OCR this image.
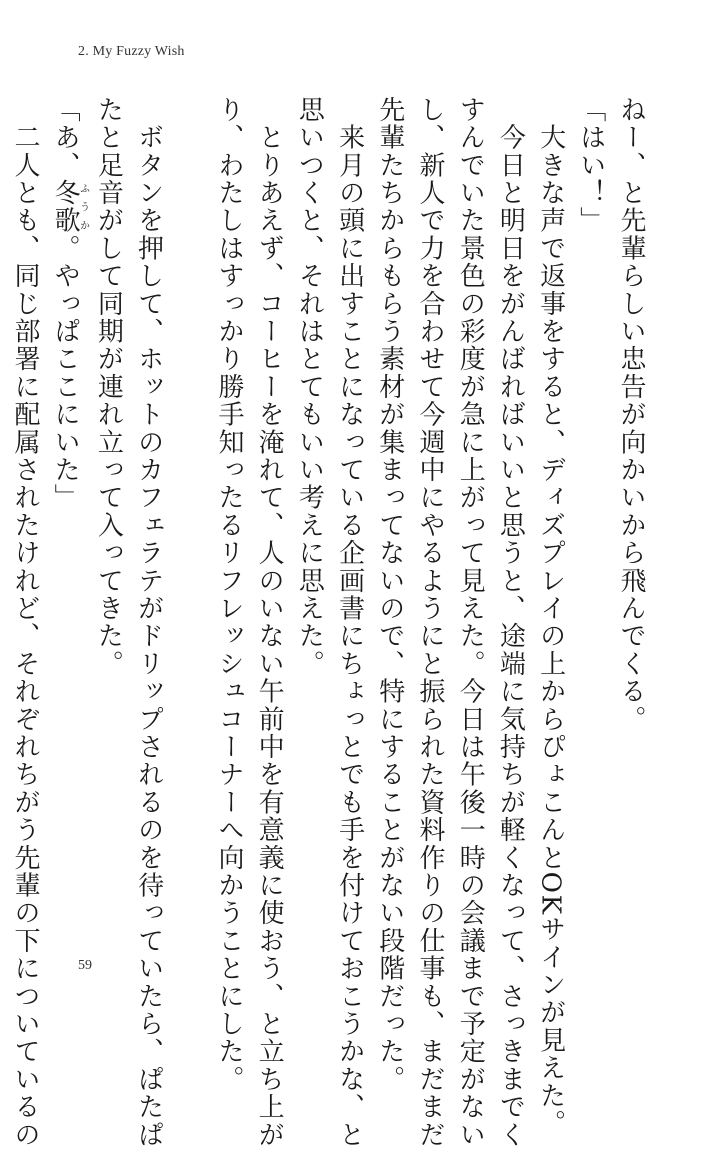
2. My Fuzzy Wish
ねー、と先輩らしい忠告が向かいから飛んでくる。
「はい！」
　大きな声で返事をすると、ディズプレイの上からぴょこんとOKサインが見えた。
　今日と明日をがんばればいいと思うと、途端に気持ちが軽くなって、さっきまでく
すんでいた景色の彩度が急に上がって見えた。今日は午後一時の会議まで予定がない
し、新人で力を合わせて今週中にやるようにと振られた資料作りの仕事も、まだまだ
先輩たちからもらう素材が集まってないので、特にすることがない段階だった。
　来月の頭に出すことになっている企画書にちょっとでも手を付けておこうかな、と
思いつくと、それはとてもいい考えに思えた。
　とりあえず、コーヒーを淹れて、人のいない午前中を有意義に使おう、と立ち上が
り、わたしはすっかり勝手知ったるリフレッシュコーナーへ向かうことにした。
　ボタンを押して、ホットのカフェラテがドリップされるのを待っていたら、ぱたぱ
たと足音がして同期が連れ立って入ってきた。
「あ、冬歌ふうか。やっぱここにいた」
　二人とも、同じ部署に配属されたけれど、それぞれちがう先輩の下についているの	59
